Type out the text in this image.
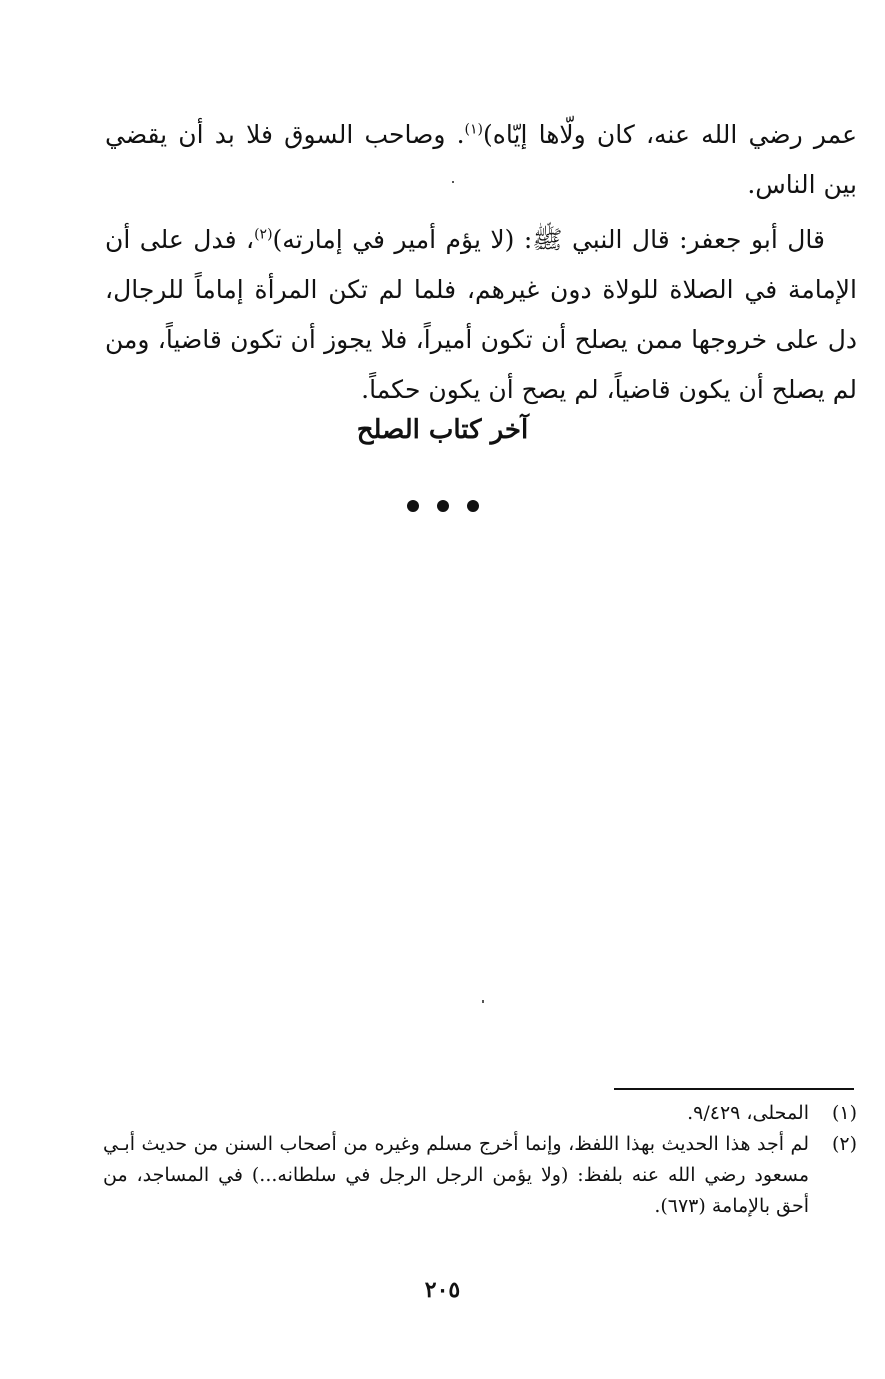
عمر رضي الله عنه، كان ولّاها إيّاه)$^{(١)}$. وصاحب السوق فلا بد أن يقضي بين الناس.

قال أبو جعفر: قال النبي ﷺ: (لا يؤم أمير في إمارته)$^{(٢)}$، فدل على أن الإمامة في الصلاة للولاة دون غيرهم، فلما لم تكن المرأة إماماً للرجال، دل على خروجها ممن يصلح أن تكون أميراً، فلا يجوز أن تكون قاضياً، ومن لم يصلح أن يكون قاضياً، لم يصح أن يكون حكماً.

آخر كتاب الصلح

(١)
المحلى، ٩/٤٢٩.

(٢)
لم أجد هذا الحديث بهذا اللفظ، وإنما أخرج مسلم وغيره من أصحاب السنن من حديث أبـي مسعود رضي الله عنه بلفظ: (ولا يؤمن الرجل الرجل في سلطانه...) في المساجد، من أحق بالإمامة (٦٧٣).

٢٠٥
